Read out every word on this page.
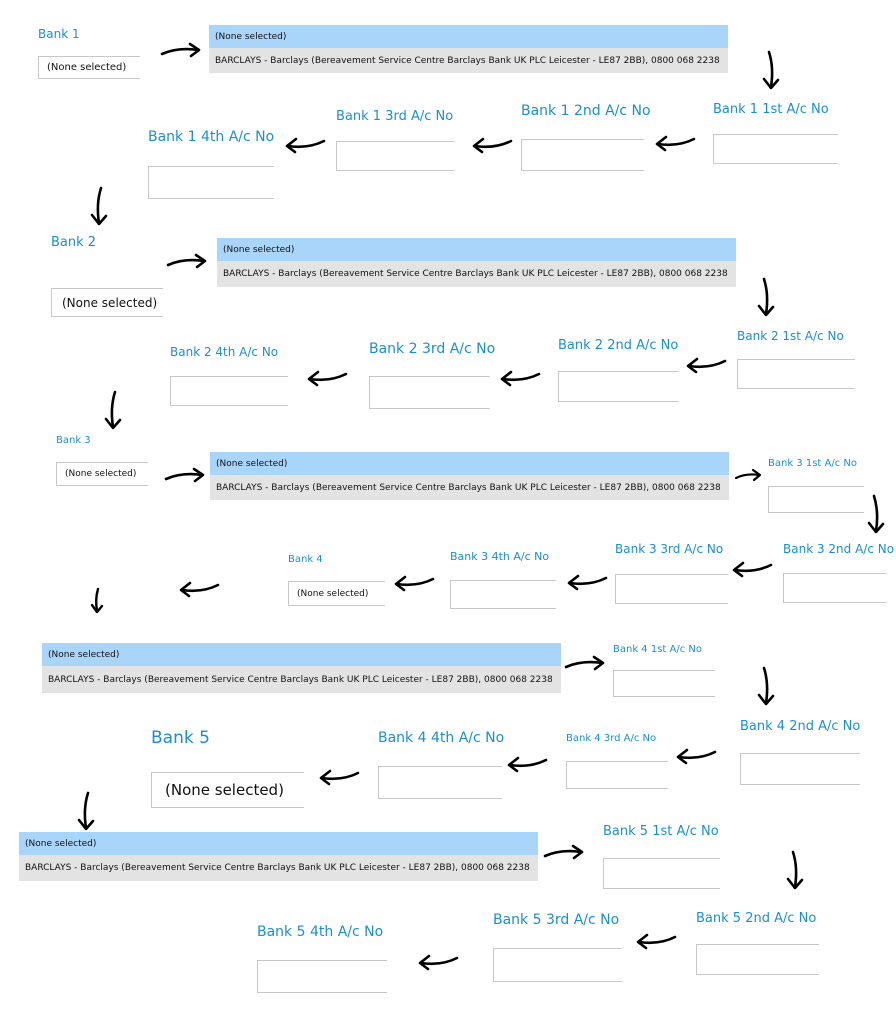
Bank 1
(None selected)
(None selected)
BARCLAYS - Barclays (Bereavement Service Centre Barclays Bank UK PLC Leicester - LE87 2BB), 0800 068 2238
Bank 1 1st A/c No
Bank 1 2nd A/c No
Bank 1 3rd A/c No
Bank 1 4th A/c No
Bank 2
(None selected)
(None selected)
BARCLAYS - Barclays (Bereavement Service Centre Barclays Bank UK PLC Leicester - LE87 2BB), 0800 068 2238
Bank 2 1st A/c No
Bank 2 2nd A/c No
Bank 2 3rd A/c No
Bank 2 4th A/c No
Bank 3
(None selected)
(None selected)
BARCLAYS - Barclays (Bereavement Service Centre Barclays Bank UK PLC Leicester - LE87 2BB), 0800 068 2238
Bank 3 1st A/c No
Bank 3 2nd A/c No
Bank 3 3rd A/c No
Bank 3 4th A/c No
Bank 4
(None selected)
(None selected)
BARCLAYS - Barclays (Bereavement Service Centre Barclays Bank UK PLC Leicester - LE87 2BB), 0800 068 2238
Bank 4 1st A/c No
Bank 4 2nd A/c No
Bank 4 3rd A/c No
Bank 4 4th A/c No
Bank 5
(None selected)
(None selected)
BARCLAYS - Barclays (Bereavement Service Centre Barclays Bank UK PLC Leicester - LE87 2BB), 0800 068 2238
Bank 5 1st A/c No
Bank 5 2nd A/c No
Bank 5 3rd A/c No
Bank 5 4th A/c No
